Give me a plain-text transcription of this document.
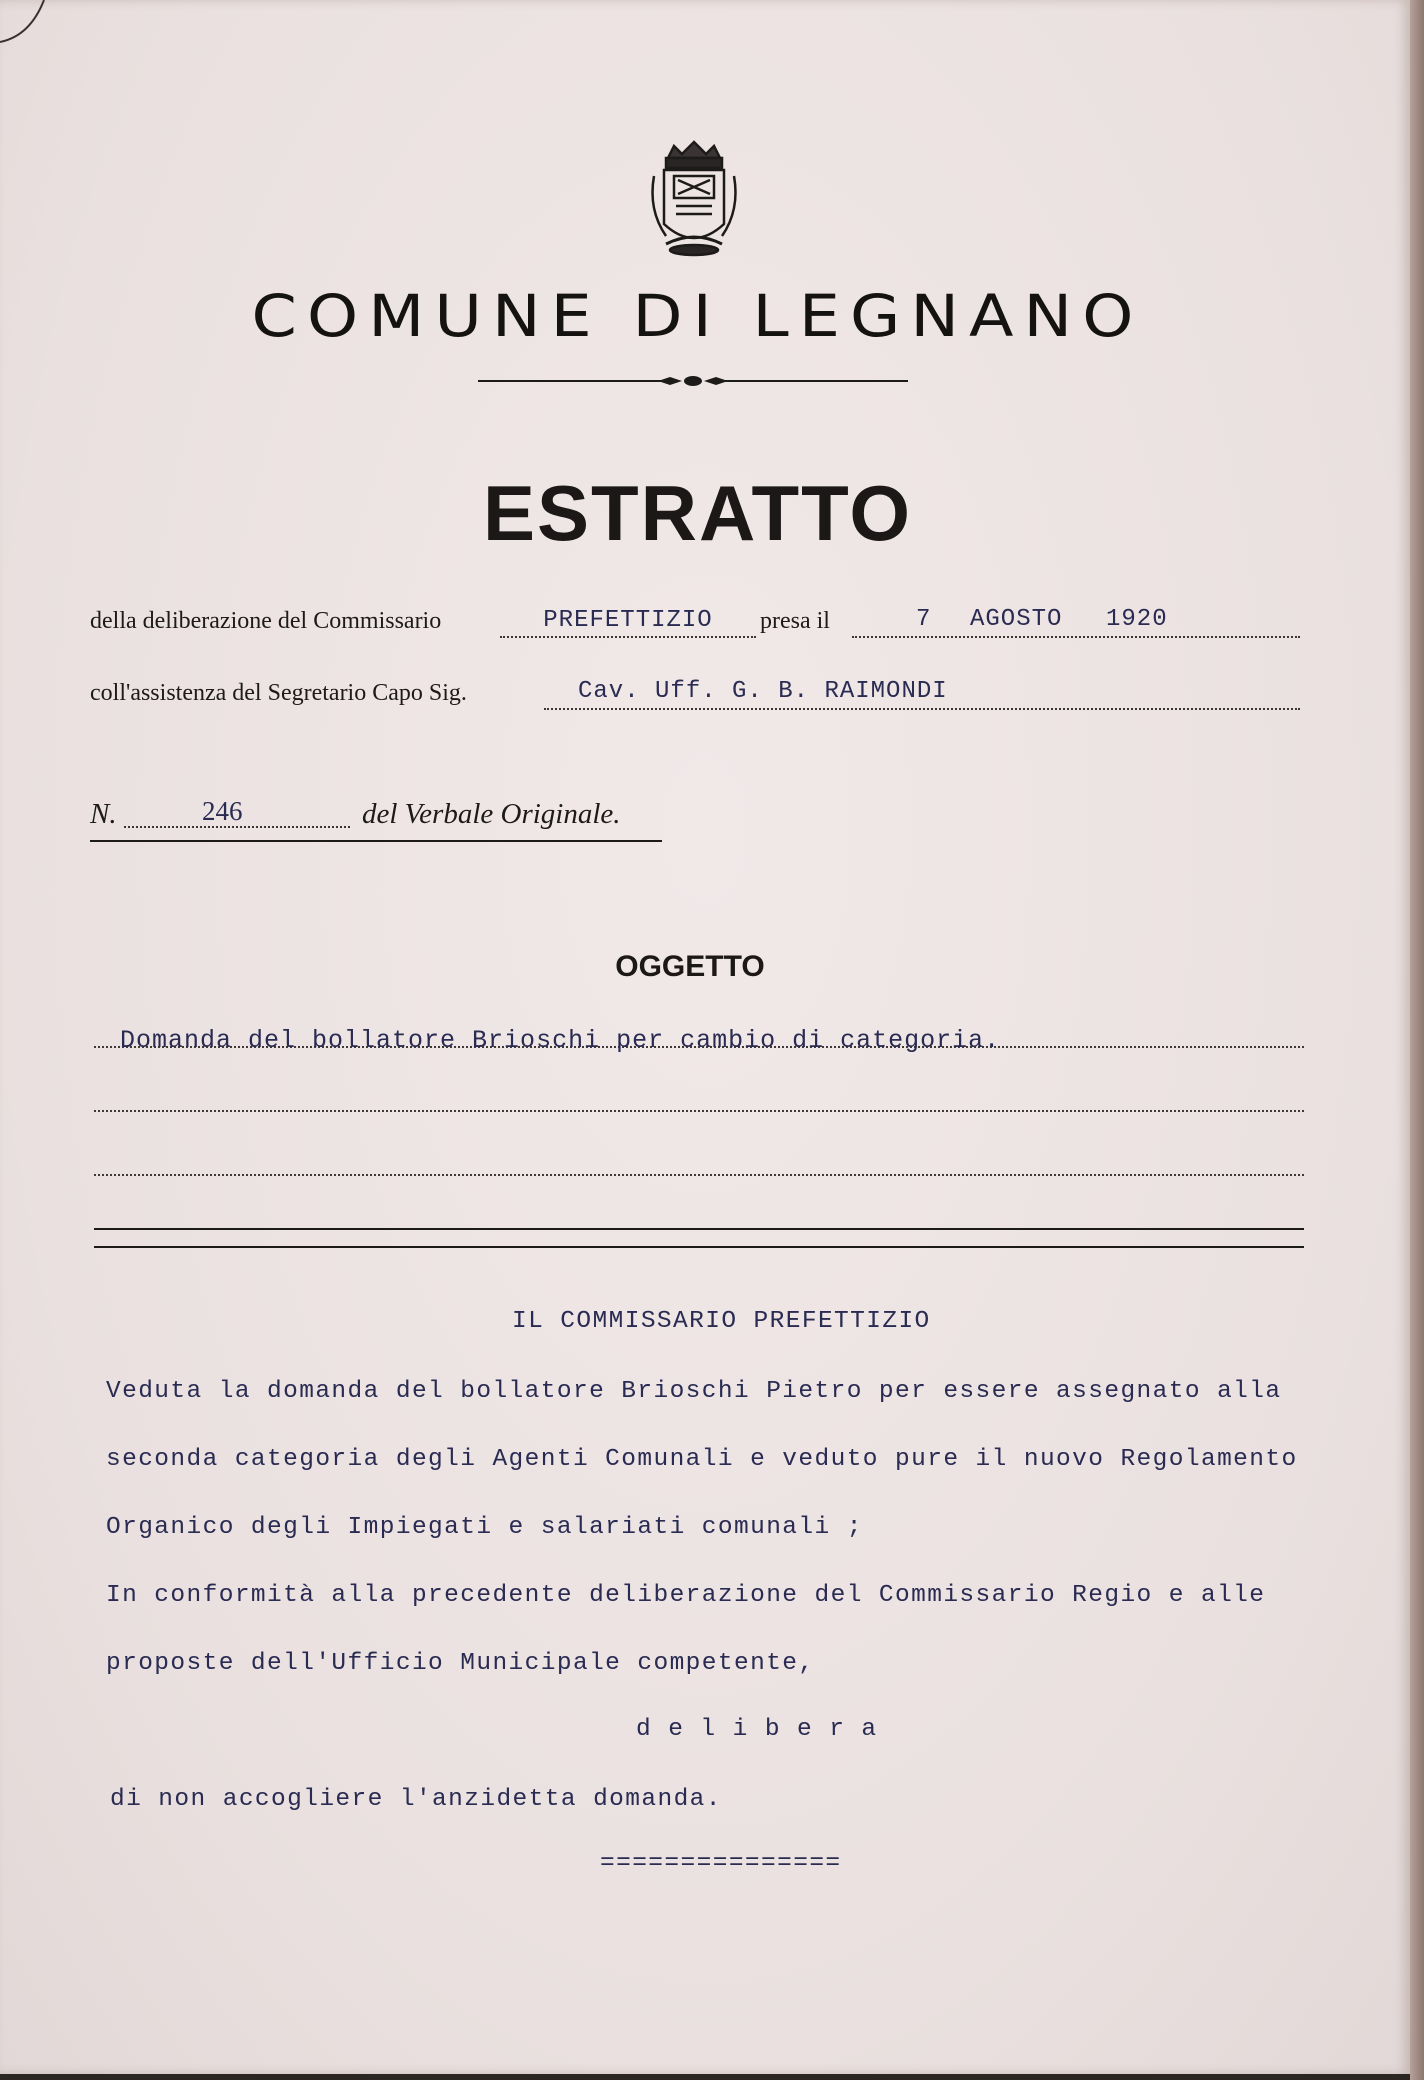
COMUNE DI LEGNANO
ESTRATTO
della deliberazione del Commissario	PREFETTIZIO	presa il	7 AGOSTO 1920
coll'assistenza del Segretario Capo Sig.	Cav. Uff. G. B. RAIMONDI
N.	246	del Verbale Originale.
OGGETTO
Domanda del bollatore Brioschi per cambio di categoria.
IL COMMISSARIO PREFETTIZIO
Veduta la domanda del bollatore Brioschi Pietro per essere assegnato alla
seconda categoria degli Agenti Comunali e veduto pure il nuovo Regolamento
Organico degli Impiegati e salariati comunali ;
In conformità alla precedente deliberazione del Commissario Regio e alle
proposte dell'Ufficio Municipale competente,
d e l i b e r a
di non accogliere l'anzidetta domanda.
===============
